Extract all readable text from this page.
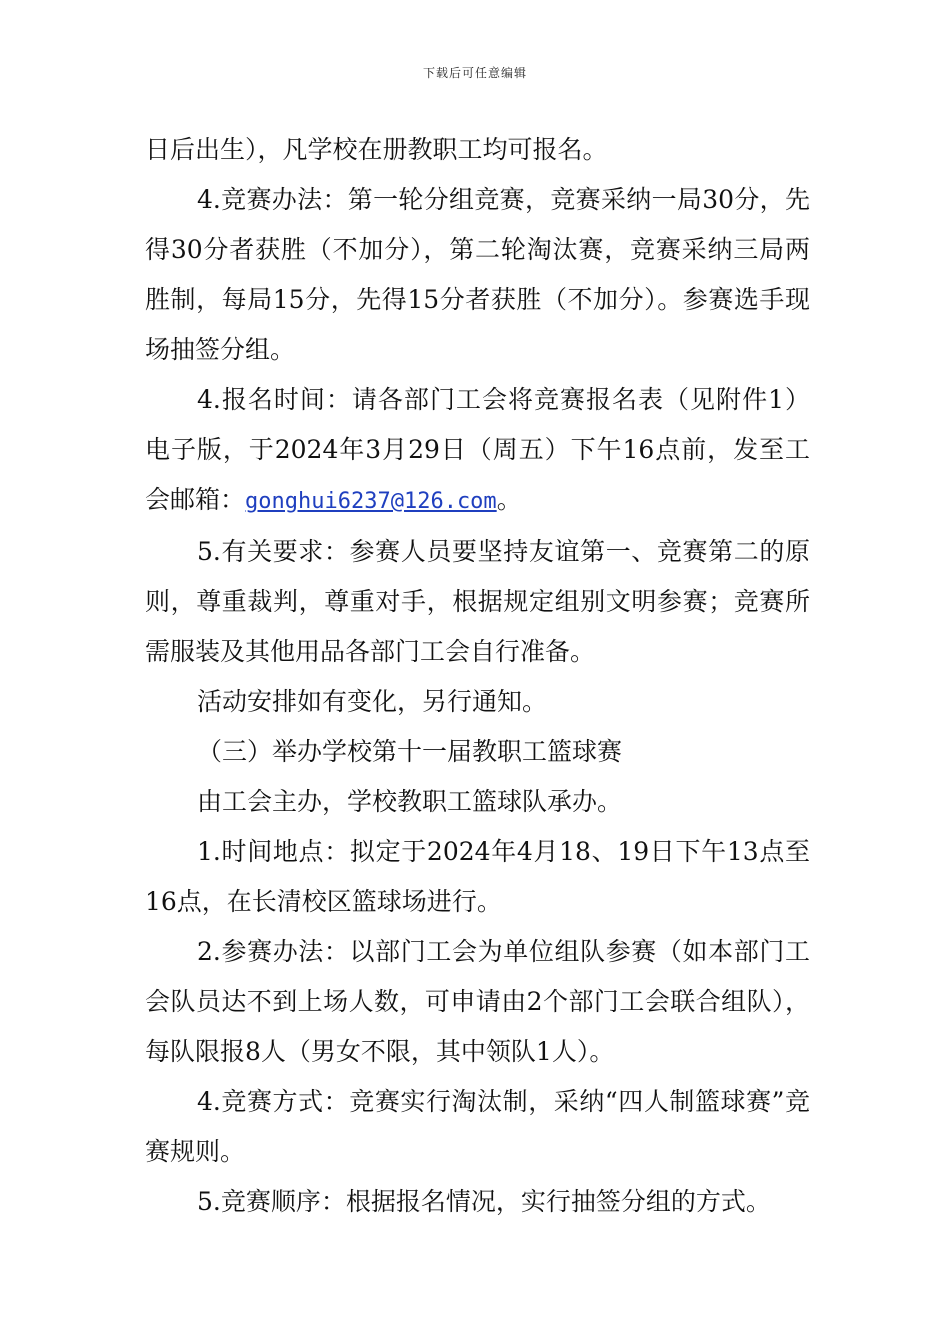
下载后可任意编辑

日后出生），凡学校在册教职工均可报名。

4.竞赛办法：第一轮分组竞赛，竞赛采纳一局30分，先得30分者获胜（不加分），第二轮淘汰赛，竞赛采纳三局两胜制，每局15分，先得15分者获胜（不加分）。参赛选手现场抽签分组。

4.报名时间：请各部门工会将竞赛报名表（见附件1）电子版，于2024年3月29日（周五）下午16点前，发至工会邮箱：gonghui6237@126.com。

5.有关要求：参赛人员要坚持友谊第一、竞赛第二的原则，尊重裁判，尊重对手，根据规定组别文明参赛；竞赛所需服装及其他用品各部门工会自行准备。

活动安排如有变化，另行通知。

（三）举办学校第十一届教职工篮球赛

由工会主办，学校教职工篮球队承办。

1.时间地点：拟定于2024年4月18、19日下午13点至16点，在长清校区篮球场进行。

2.参赛办法：以部门工会为单位组队参赛（如本部门工会队员达不到上场人数，可申请由2个部门工会联合组队），每队限报8人（男女不限，其中领队1人）。

4.竞赛方式：竞赛实行淘汰制，采纳“四人制篮球赛”竞赛规则。

5.竞赛顺序：根据报名情况，实行抽签分组的方式。
